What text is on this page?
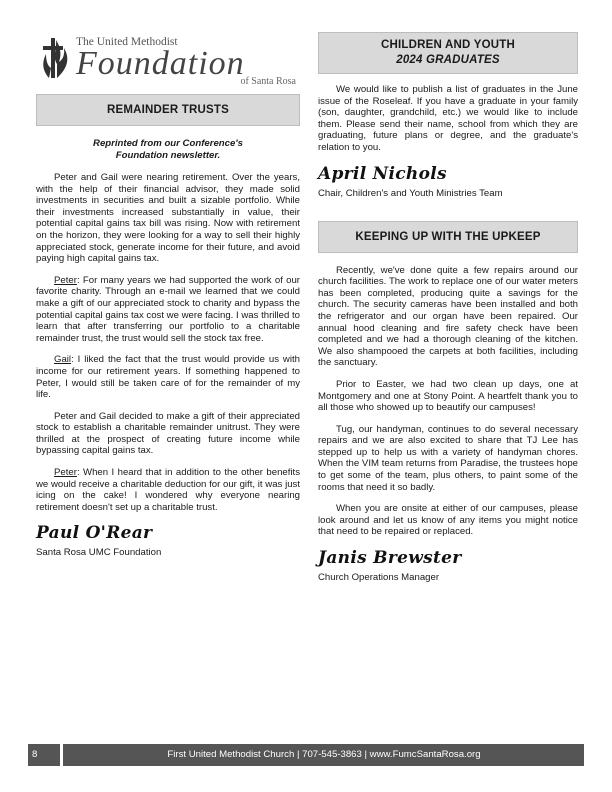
The United Methodist
Foundation
of Santa Rosa
REMAINDER TRUSTS
Reprinted from our Conference's
Foundation newsletter.

Peter and Gail were nearing retirement. Over the years, with the help of their financial advisor, they made solid investments in securities and built a sizable portfolio. While their investments increased substantially in value, their potential capital gains tax bill was rising. Now with retirement on the horizon, they were looking for a way to sell their highly appreciated stock, generate income for their future, and avoid paying high capital gains tax.

Peter: For many years we had supported the work of our favorite charity. Through an e-mail we learned that we could make a gift of our appreciated stock to charity and bypass the potential capital gains tax cost we were facing. I was thrilled to learn that after transferring our portfolio to a charitable remainder trust, the trust would sell the stock tax free.

Gail: I liked the fact that the trust would provide us with income for our retirement years. If something happened to Peter, I would still be taken care of for the remainder of my life.

Peter and Gail decided to make a gift of their appreciated stock to establish a charitable remainder unitrust. They were thrilled at the prospect of creating future income while bypassing capital gains tax.

Peter: When I heard that in addition to the other benefits we would receive a charitable deduction for our gift, it was just icing on the cake! I wondered why everyone nearing retirement doesn't set up a charitable trust.

Paul O'Rear
Santa Rosa UMC Foundation
CHILDREN AND YOUTH
2024 GRADUATES

We would like to publish a list of graduates in the June issue of the Roseleaf. If you have a graduate in your family (son, daughter, grandchild, etc.) we would like to include them. Please send their name, school from which they are graduating, future plans or degree, and the graduate's relation to you.

April Nichols
Chair, Children's and Youth Ministries Team
KEEPING UP WITH THE UPKEEP

Recently, we've done quite a few repairs around our church facilities. The work to replace one of our water meters has been completed, producing quite a savings for the church. The security cameras have been installed and both the refrigerator and our organ have been repaired. Our annual hood cleaning and fire safety check have been completed and we had a thorough cleaning of the kitchen. We also shampooed the carpets at both facilities, including the sanctuary.

Prior to Easter, we had two clean up days, one at Montgomery and one at Stony Point. A heartfelt thank you to all those who showed up to beautify our campuses!

Tug, our handyman, continues to do several necessary repairs and we are also excited to share that TJ Lee has stepped up to help us with a variety of handyman chores. When the VIM team returns from Paradise, the trustees hope to get some of the team, plus others, to paint some of the rooms that need it so badly.

When you are onsite at either of our campuses, please look around and let us know of any items you might notice that need to be repaired or replaced.

Janis Brewster
Church Operations Manager
8	First United Methodist Church | 707-545-3863 | www.FumcSantaRosa.org
